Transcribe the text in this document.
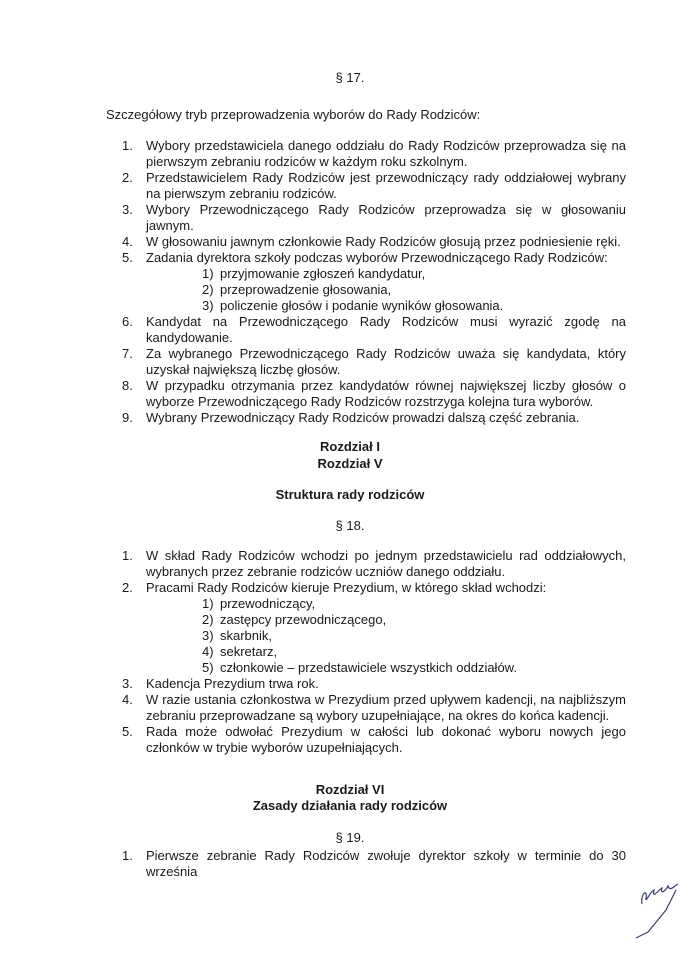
§ 17.
Szczegółowy tryb przeprowadzenia wyborów do Rady Rodziców:
1.	Wybory przedstawiciela danego oddziału do Rady Rodziców przeprowadza się na pierwszym zebraniu rodziców w każdym roku szkolnym.
2.	Przedstawicielem Rady Rodziców jest przewodniczący rady oddziałowej wybrany na pierwszym zebraniu rodziców.
3.	Wybory Przewodniczącego Rady Rodziców przeprowadza się w głosowaniu jawnym.
4.	W głosowaniu jawnym członkowie Rady Rodziców głosują przez podniesienie ręki.
5.	Zadania dyrektora szkoły podczas wyborów Przewodniczącego Rady Rodziców:
1) przyjmowanie zgłoszeń kandydatur,
2) przeprowadzenie głosowania,
3) policzenie głosów i podanie wyników głosowania.
6.	Kandydat na Przewodniczącego Rady Rodziców musi wyrazić zgodę na kandydowanie.
7.	Za wybranego Przewodniczącego Rady Rodziców uważa się kandydata, który uzyskał największą liczbę głosów.
8.	W przypadku otrzymania przez kandydatów równej największej liczby głosów o wyborze Przewodniczącego Rady Rodziców rozstrzyga kolejna tura wyborów.
9.	Wybrany Przewodniczący Rady Rodziców prowadzi dalszą część zebrania.
Rozdział I
Rozdział V
Struktura rady rodziców
§ 18.
1.	W skład Rady Rodziców wchodzi po jednym przedstawicielu rad oddziałowych, wybranych przez zebranie rodziców uczniów danego oddziału.
2.	Pracami Rady Rodziców kieruje Prezydium, w którego skład wchodzi:
1) przewodniczący,
2) zastępcy przewodniczącego,
3) skarbnik,
4) sekretarz,
5) członkowie – przedstawiciele wszystkich oddziałów.
3.	Kadencja Prezydium trwa rok.
4.	W razie ustania członkostwa w Prezydium przed upływem kadencji, na najbliższym zebraniu przeprowadzane są wybory uzupełniające, na okres do końca kadencji.
5.	Rada może odwołać Prezydium w całości lub dokonać wyboru nowych jego członków w trybie wyborów uzupełniających.
Rozdział VI
Zasady działania rady rodziców
§ 19.
1.	Pierwsze zebranie Rady Rodziców zwołuje dyrektor szkoły w terminie do 30 września
